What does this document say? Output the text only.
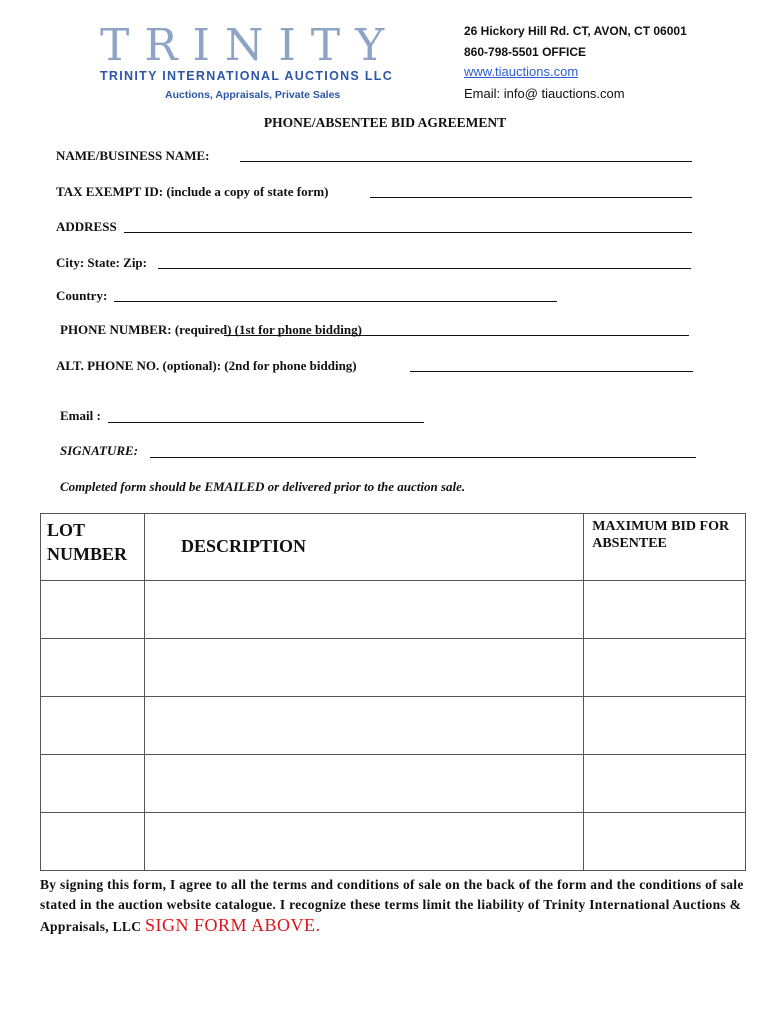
TRINITY
TRINITY INTERNATIONAL AUCTIONS LLC
Auctions, Appraisals, Private Sales
26 Hickory Hill Rd. CT, AVON, CT 06001
860-798-5501 OFFICE
www.tiauctions.com
Email: info@ tiauctions.com
PHONE/ABSENTEE BID AGREEMENT
NAME/BUSINESS NAME:
TAX EXEMPT ID: (include a copy of state form)
ADDRESS
City: State: Zip:
Country:
PHONE NUMBER: (required) (1st for phone bidding)
ALT. PHONE NO. (optional): (2nd for phone bidding)
Email :
SIGNATURE:
Completed form should be EMAILED or delivered prior to the auction sale.
LOT NUMBER	DESCRIPTION	MAXIMUM BID FOR ABSENTEE

By signing this form, I agree to all the terms and conditions of sale on the back of the form and the conditions of sale stated in the auction website catalogue. I recognize these terms limit the liability of Trinity International Auctions & Appraisals, LLC SIGN FORM ABOVE.
